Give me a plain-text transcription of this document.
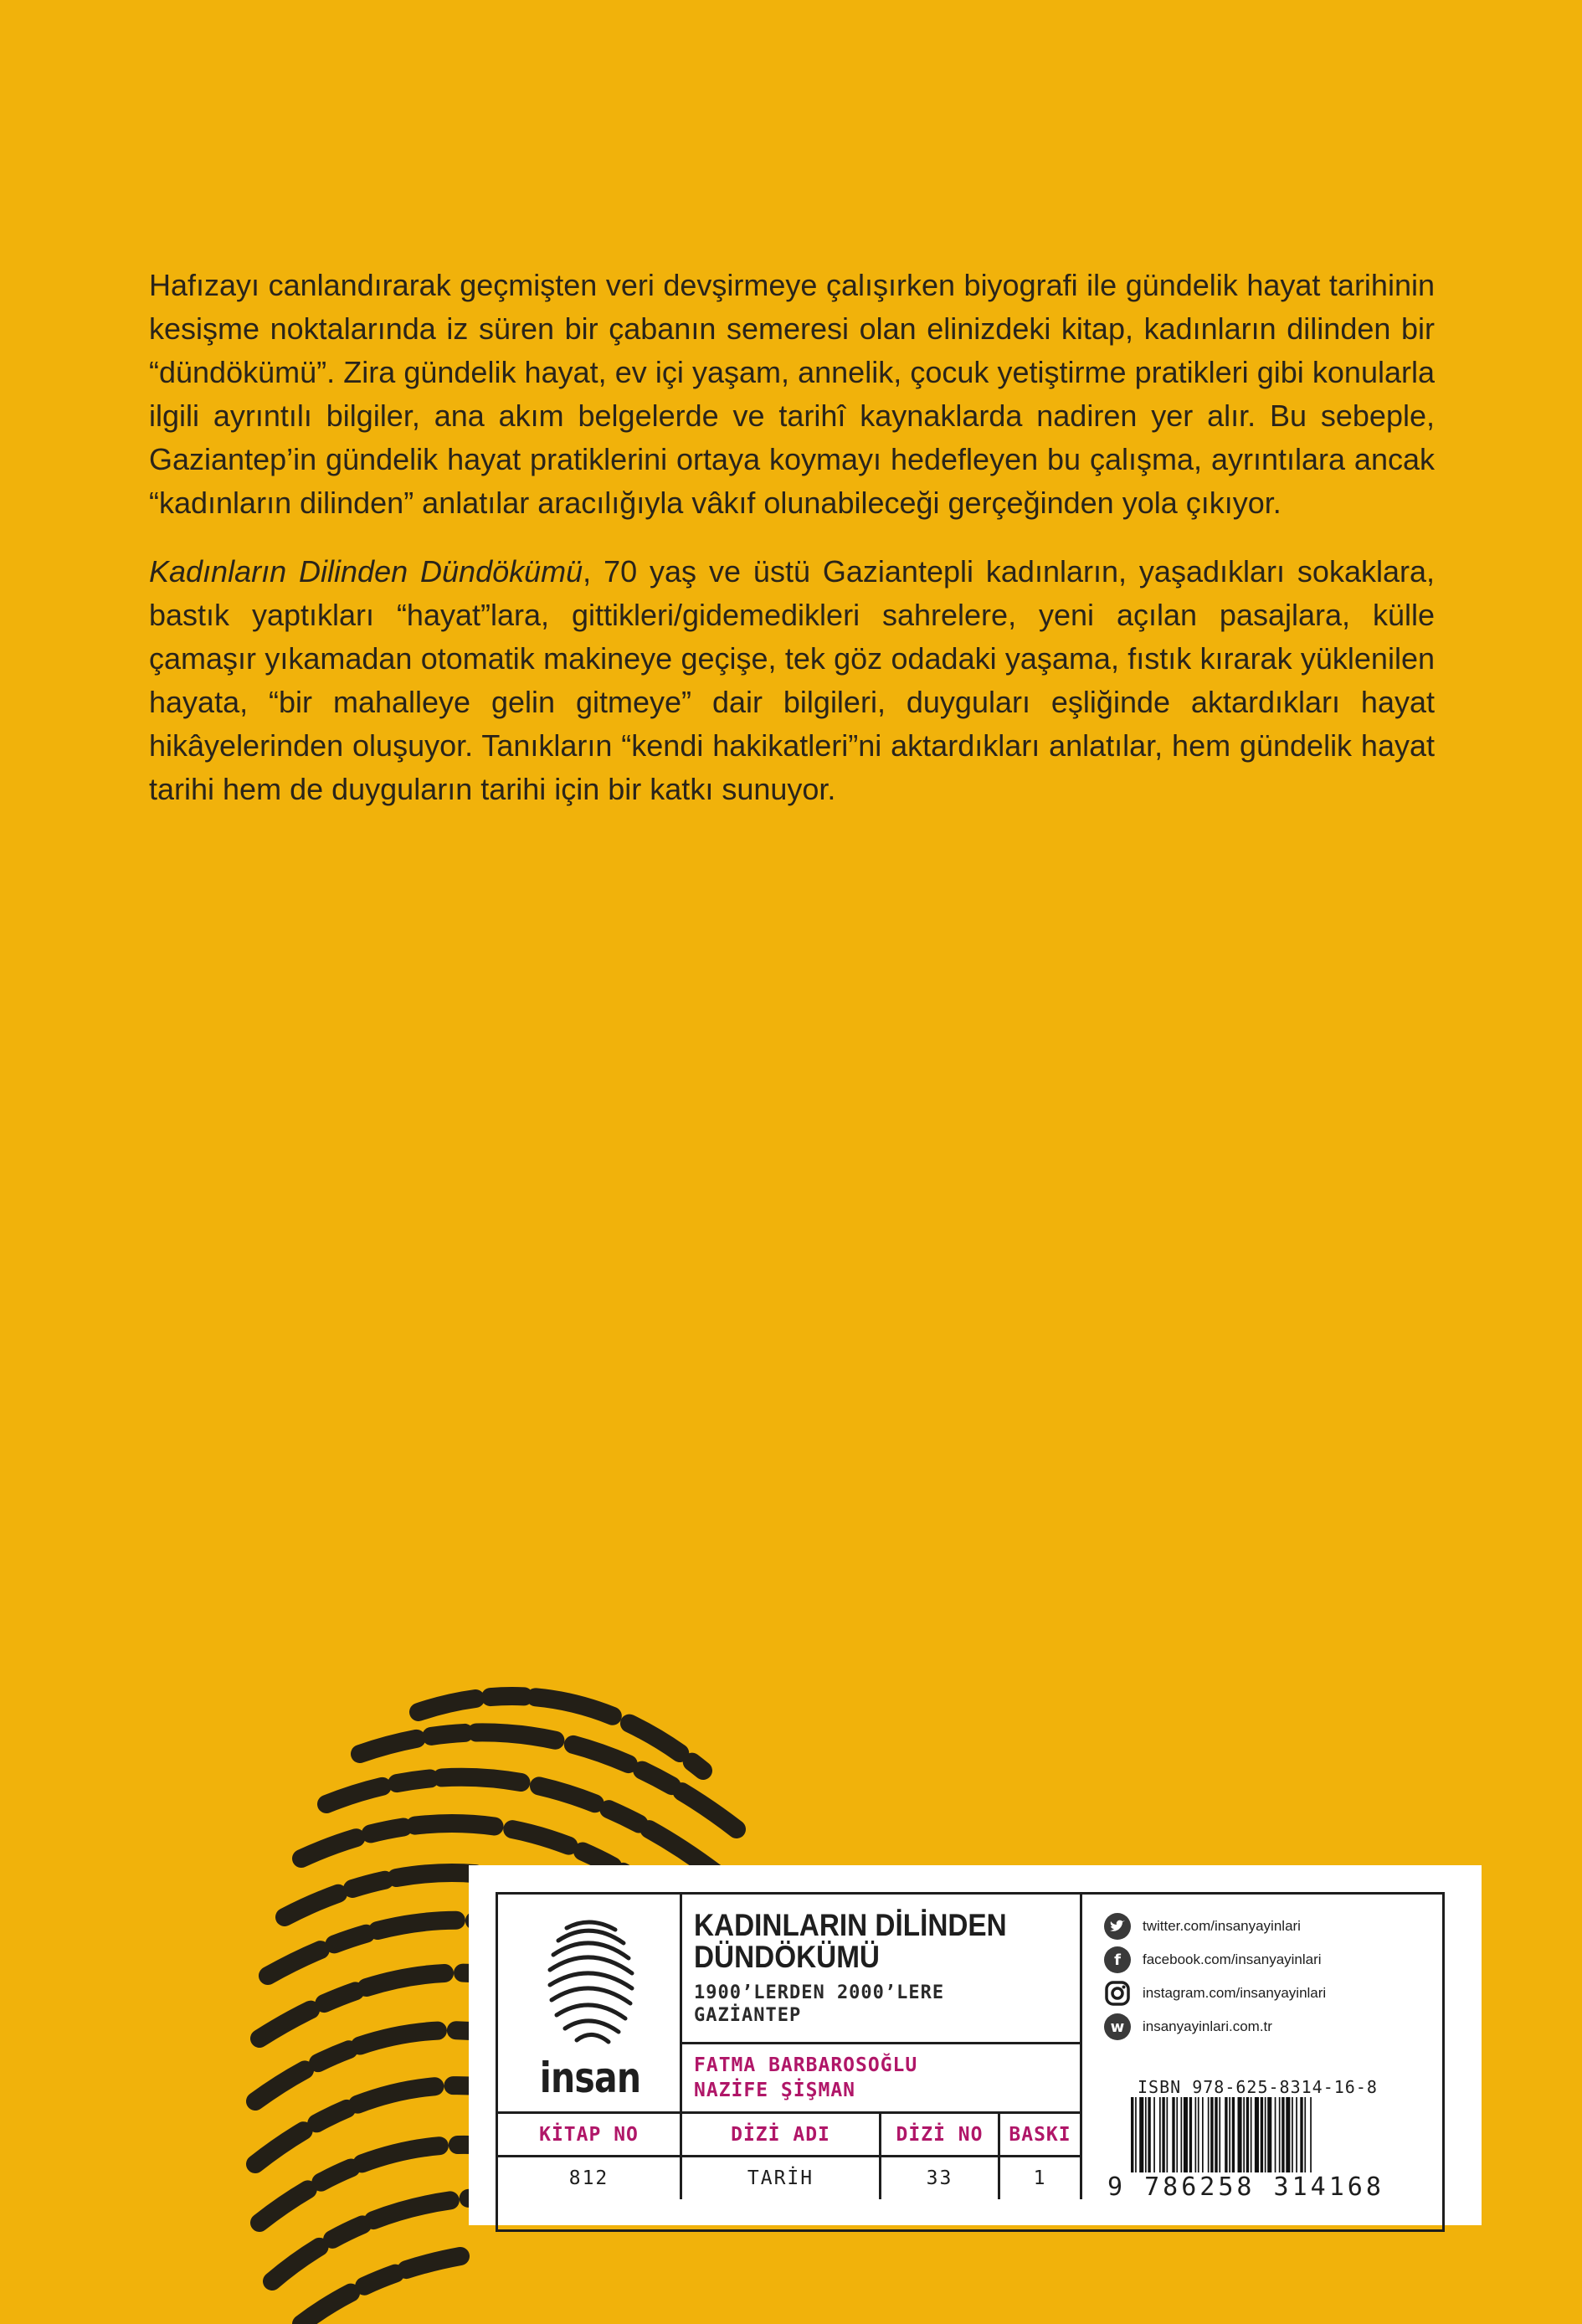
Hafızayı canlandırarak geçmişten veri devşirmeye çalışırken biyografi ile gündelik hayat tarihinin kesişme noktalarında iz süren bir çabanın semeresi olan elinizdeki kitap, kadınların dilinden bir “dündökümü”. Zira gündelik hayat, ev içi yaşam, annelik, çocuk yetiştirme pratikleri gibi konularla ilgili ayrıntılı bilgiler, ana akım belgelerde ve tarihî kaynaklarda nadiren yer alır. Bu sebeple, Gaziantep’in gündelik hayat pratiklerini ortaya koymayı hedefleyen bu çalışma, ayrıntılara ancak “kadınların dilinden” anlatılar aracılığıyla vâkıf olunabileceği gerçeğinden yola çıkıyor.

Kadınların Dilinden Dündökümü, 70 yaş ve üstü Gaziantepli kadınların, yaşadıkları sokaklara, bastık yaptıkları “hayat”lara, gittikleri/gidemedikleri sahrelere, yeni açılan pasajlara, külle çamaşır yıkamadan otomatik makineye geçişe, tek göz odadaki yaşama, fıstık kırarak yüklenilen hayata, “bir mahalleye gelin gitmeye” dair bilgileri, duyguları eşliğinde aktardıkları hayat hikâyelerinden oluşuyor. Tanıkların “kendi hakikatleri”ni aktardıkları anlatılar, hem gündelik hayat tarihi hem de duyguların tarihi için bir katkı sunuyor.

insan
KADINLARIN DİLİNDEN
DÜNDÖKÜMÜ
1900’LERDEN 2000’LERE
GAZİANTEP
FATMA BARBAROSOĞLU
NAZİFE ŞİŞMAN
KİTAP NO	DİZİ ADI	DİZİ NO	BASKI
812	TARİH	33	1
twitter.com/insanyayinlari
f	facebook.com/insanyayinlari
instagram.com/insanyayinlari
w	insanyayinlari.com.tr
ISBN 978-625-8314-16-8
9 786258 314168
